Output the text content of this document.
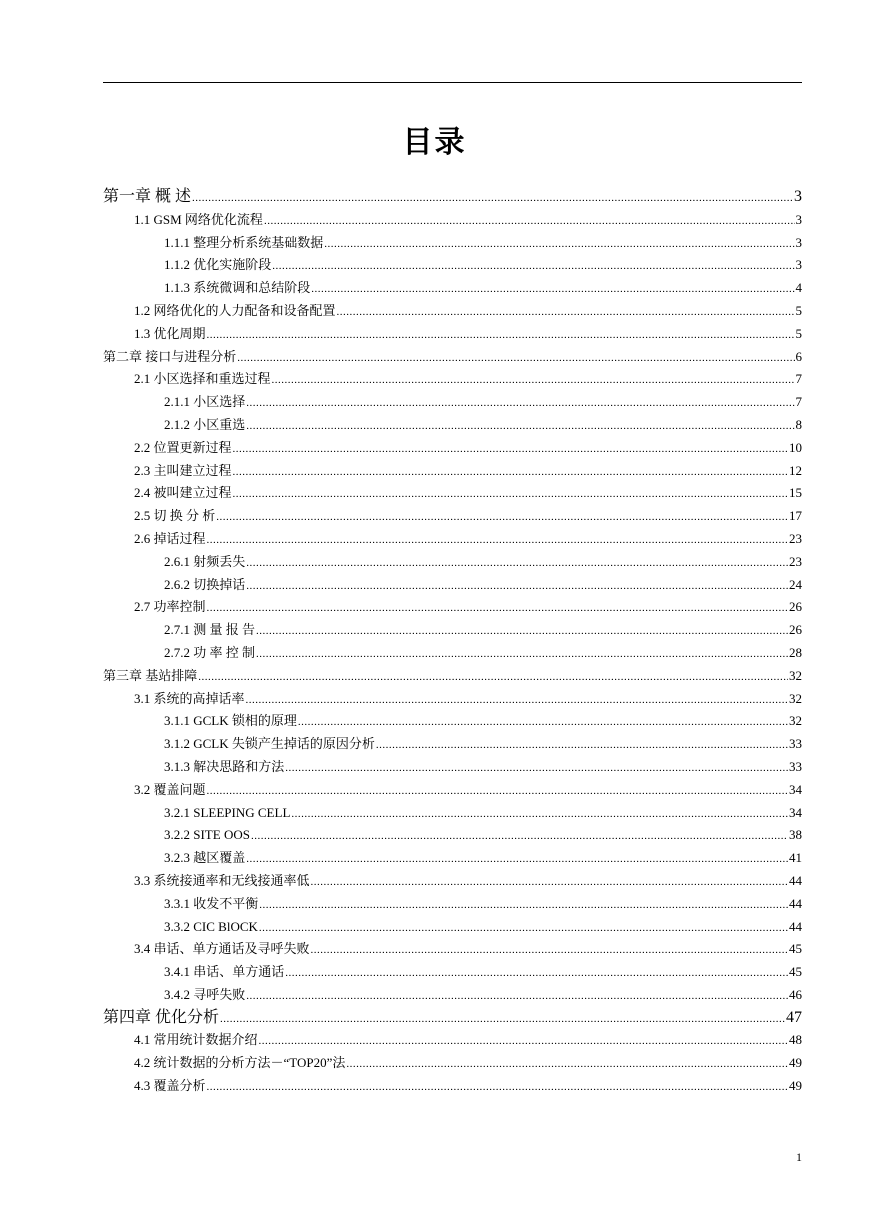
目录
第一章 概 述 .....	3
1.1 GSM 网络优化流程 .....	3
1.1.1 整理分析系统基础数据 .....	3
1.1.2 优化实施阶段 .....	3
1.1.3 系统微调和总结阶段 .....	4
1.2 网络优化的人力配备和设备配置 .....	5
1.3 优化周期 .....	5
第二章 接口与进程分析 .....	6
2.1 小区选择和重选过程 .....	7
2.1.1 小区选择 .....	7
2.1.2 小区重选 .....	8
2.2 位置更新过程 .....	10
2.3 主叫建立过程 .....	12
2.4 被叫建立过程 .....	15
2.5 切 换 分 析 .....	17
2.6 掉话过程 .....	23
2.6.1 射频丢失 .....	23
2.6.2 切换掉话 .....	24
2.7 功率控制 .....	26
2.7.1 测 量 报 告 .....	26
2.7.2 功 率 控 制 .....	28
第三章 基站排障 .....	32
3.1 系统的高掉话率 .....	32
3.1.1 GCLK 锁相的原理 .....	32
3.1.2 GCLK 失锁产生掉话的原因分析 .....	33
3.1.3 解决思路和方法 .....	33
3.2 覆盖问题 .....	34
3.2.1 SLEEPING CELL .....	34
3.2.2 SITE OOS .....	38
3.2.3 越区覆盖 .....	41
3.3 系统接通率和无线接通率低 .....	44
3.3.1 收发不平衡 .....	44
3.3.2 CIC BlOCK .....	44
3.4 串话、单方通话及寻呼失败 .....	45
3.4.1 串话、单方通话 .....	45
3.4.2 寻呼失败 .....	46
第四章 优化分析 .....	47
4.1 常用统计数据介绍 .....	48
4.2 统计数据的分析方法－“TOP20”法 .....	49
4.3 覆盖分析 .....	49
1
